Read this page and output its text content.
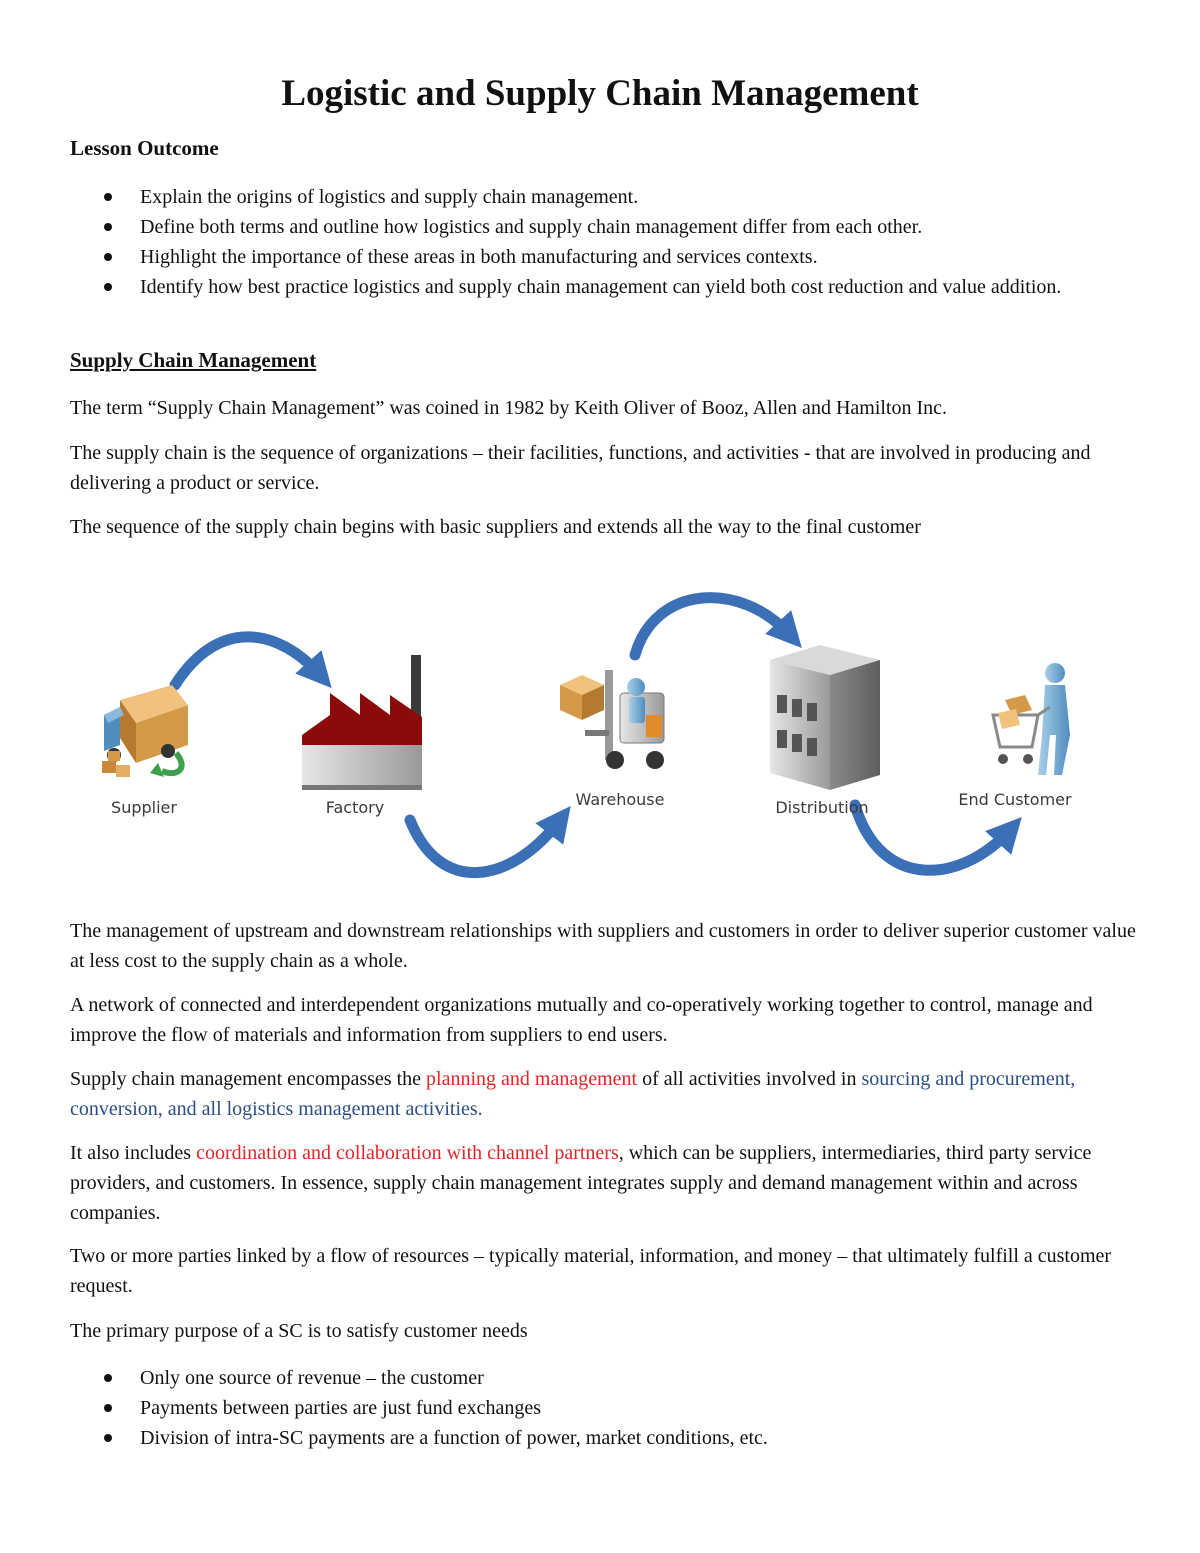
Logistic and Supply Chain Management
Lesson Outcome
Explain the origins of logistics and supply chain management.
Define both terms and outline how logistics and supply chain management differ from each other.
Highlight the importance of these areas in both manufacturing and services contexts.
Identify how best practice logistics and supply chain management can yield both cost reduction and value addition.
Supply Chain Management

The term “Supply Chain Management” was coined in 1982 by Keith Oliver of Booz, Allen and Hamilton Inc.

The supply chain is the sequence of organizations – their facilities, functions, and activities - that are involved in producing and delivering a product or service.

The sequence of the supply chain begins with basic suppliers and extends all the way to the final customer

Supplier	Factory	Warehouse	Distribution	End Customer

The management of upstream and downstream relationships with suppliers and customers in order to deliver superior customer value at less cost to the supply chain as a whole.

A network of connected and interdependent organizations mutually and co-operatively working together to control, manage and improve the flow of materials and information from suppliers to end users.

Supply chain management encompasses the planning and management of all activities involved in sourcing and procurement, conversion, and all logistics management activities.

It also includes coordination and collaboration with channel partners, which can be suppliers, intermediaries, third party service providers, and customers. In essence, supply chain management integrates supply and demand management within and across companies.

Two or more parties linked by a flow of resources – typically material, information, and money – that ultimately fulfill a customer request.

The primary purpose of a SC is to satisfy customer needs

Only one source of revenue – the customer
Payments between parties are just fund exchanges
Division of intra-SC payments are a function of power, market conditions, etc.
